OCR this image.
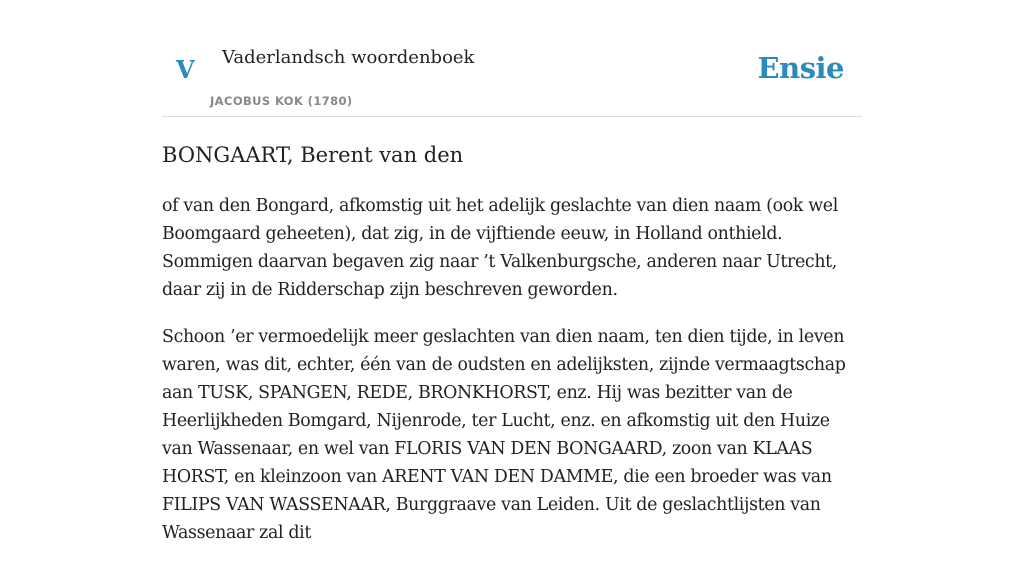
V Vaderlandsch woordenboek
JACOBUS KOK (1780)
Ensie
BONGAART, Berent van den

of van den Bongard, afkomstig uit het adelijk geslachte van dien naam (ook wel Boomgaard geheeten), dat zig, in de vijftiende eeuw, in Holland onthield. Sommigen daarvan begaven zig naar ’t Valkenburgsche, anderen naar Utrecht, daar zij in de Ridderschap zijn beschreven geworden.

Schoon ’er vermoedelijk meer geslachten van dien naam, ten dien tijde, in leven waren, was dit, echter, één van de oudsten en adelijksten, zijnde vermaagtschap aan TUSK, SPANGEN, REDE, BRONKHORST, enz. Hij was bezitter van de Heerlijkheden Bomgard, Nijenrode, ter Lucht, enz. en afkomstig uit den Huize van Wassenaar, en wel van FLORIS VAN DEN BONGAARD, zoon van KLAAS HORST, en kleinzoon van ARENT VAN DEN DAMME, die een broeder was van FILIPS VAN WASSENAAR, Burggraave van Leiden. Uit de geslachtlijsten van Wassenaar zal dit
